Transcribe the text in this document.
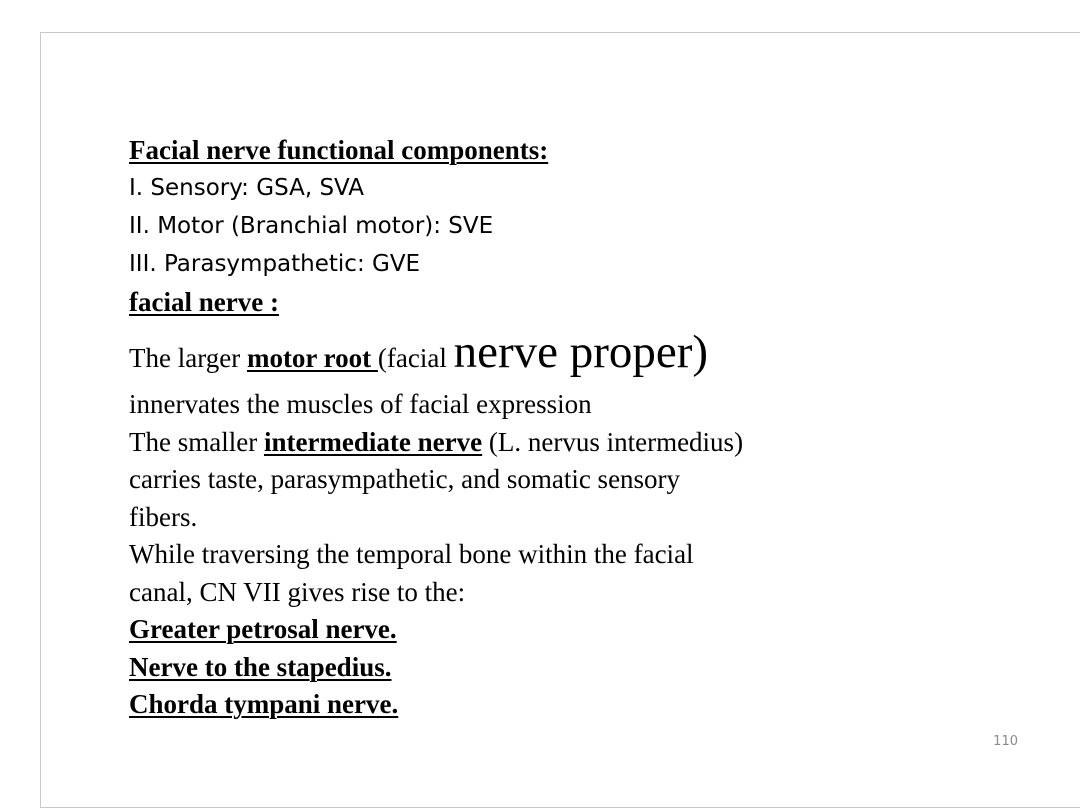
Facial nerve functional components:

I. Sensory: GSA, SVA

II. Motor (Branchial motor): SVE

III. Parasympathetic: GVE

facial nerve :

The larger motor root (facial nerve proper)

innervates the muscles of facial expression

The smaller intermediate nerve (L. nervus intermedius)

carries taste, parasympathetic, and somatic sensory

fibers.

While traversing the temporal bone within the facial

canal, CN VII gives rise to the:

Greater petrosal nerve.

Nerve to the stapedius.

Chorda tympani nerve.

110
